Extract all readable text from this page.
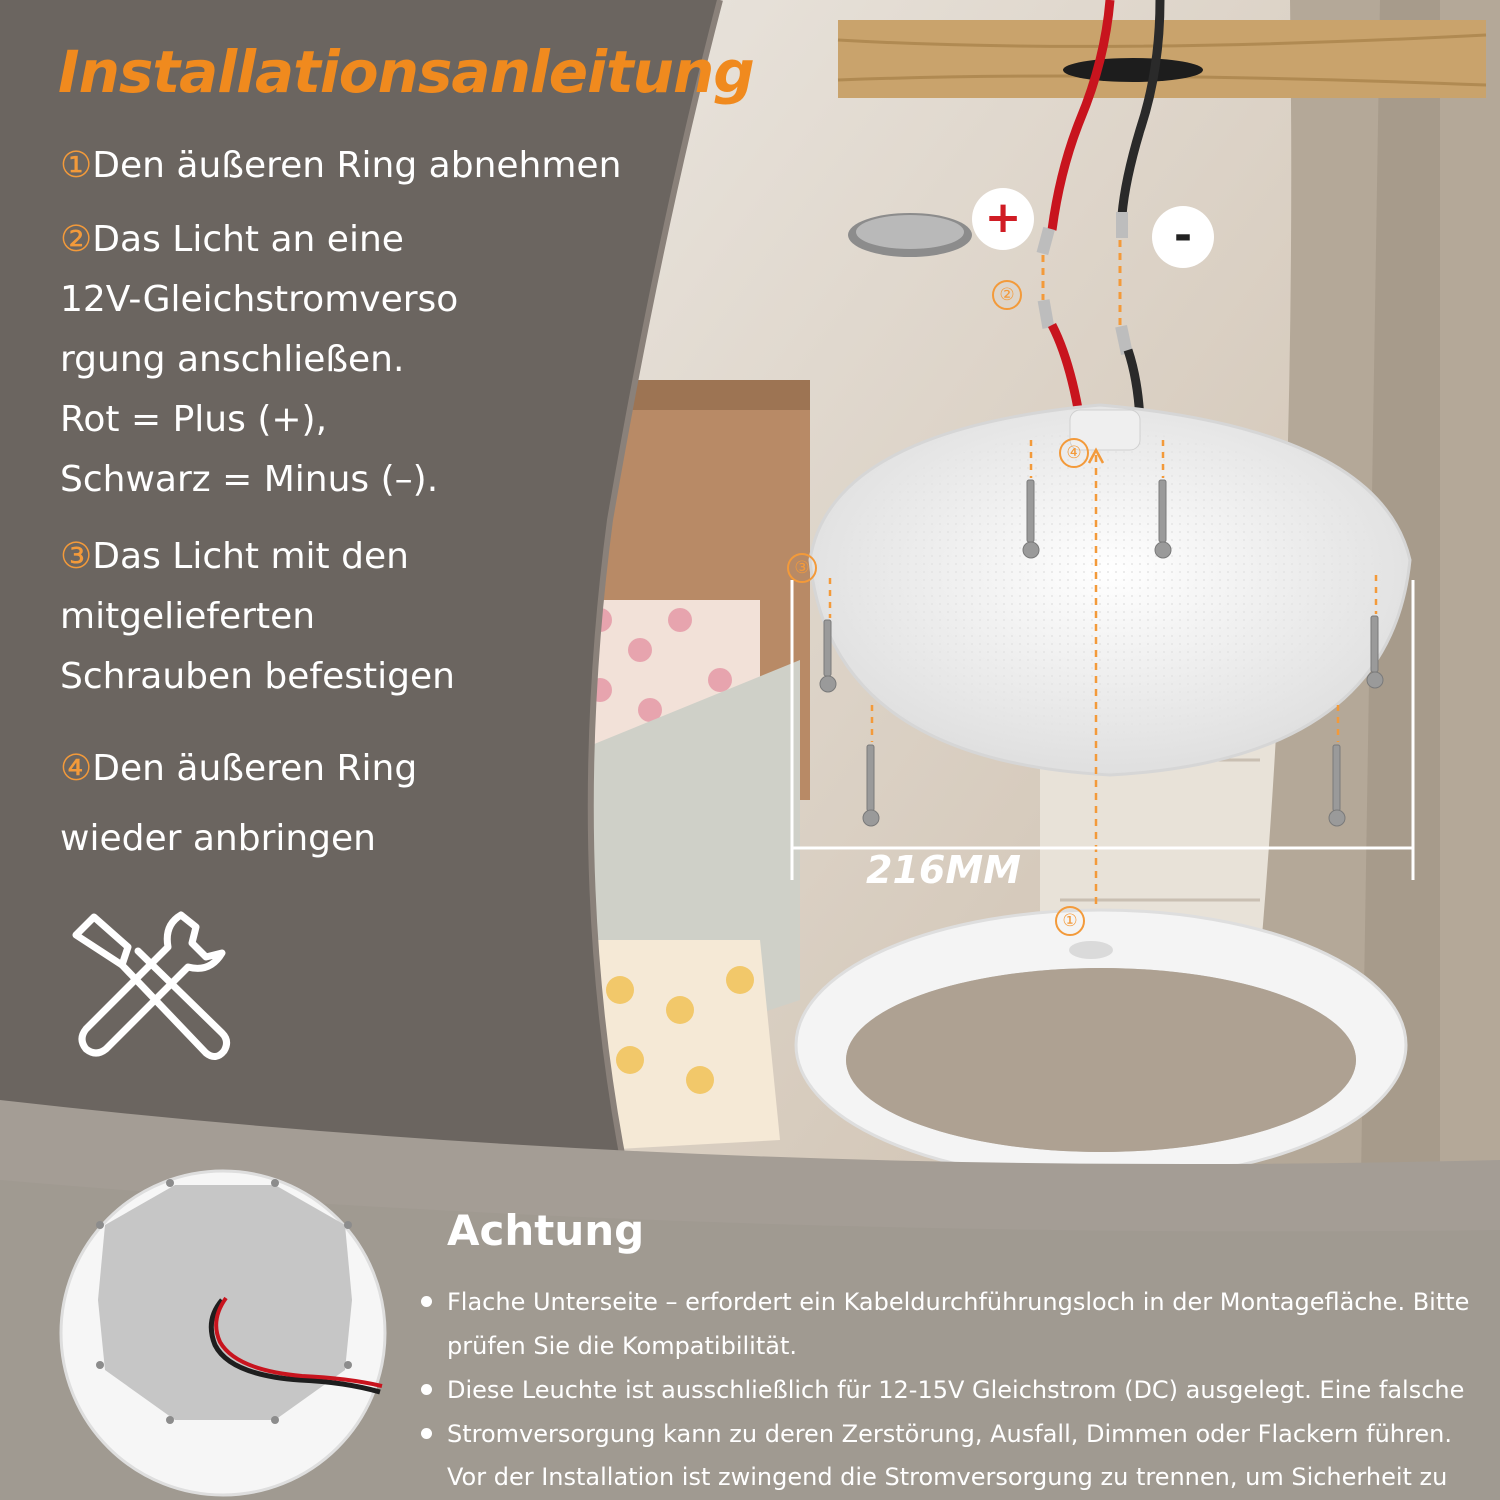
Installationsanleitung
①Den äußeren Ring abnehmen
②Das Licht an eine
12V-Gleichstromverso
rgung anschließen.
Rot = Plus (+),
Schwarz = Minus (–).
③Das Licht mit den
mitgelieferten
Schrauben befestigen
④Den äußeren Ring
wieder anbringen
+	-
①
②
③
④
216MM
Achtung
Flache Unterseite – erfordert ein Kabeldurchführungsloch in der Montagefläche. Bitte
prüfen Sie die Kompatibilität.
Diese Leuchte ist ausschließlich für 12-15V Gleichstrom (DC) ausgelegt. Eine falsche
Stromversorgung kann zu deren Zerstörung, Ausfall, Dimmen oder Flackern führen.
Vor der Installation ist zwingend die Stromversorgung zu trennen, um Sicherheit zu
